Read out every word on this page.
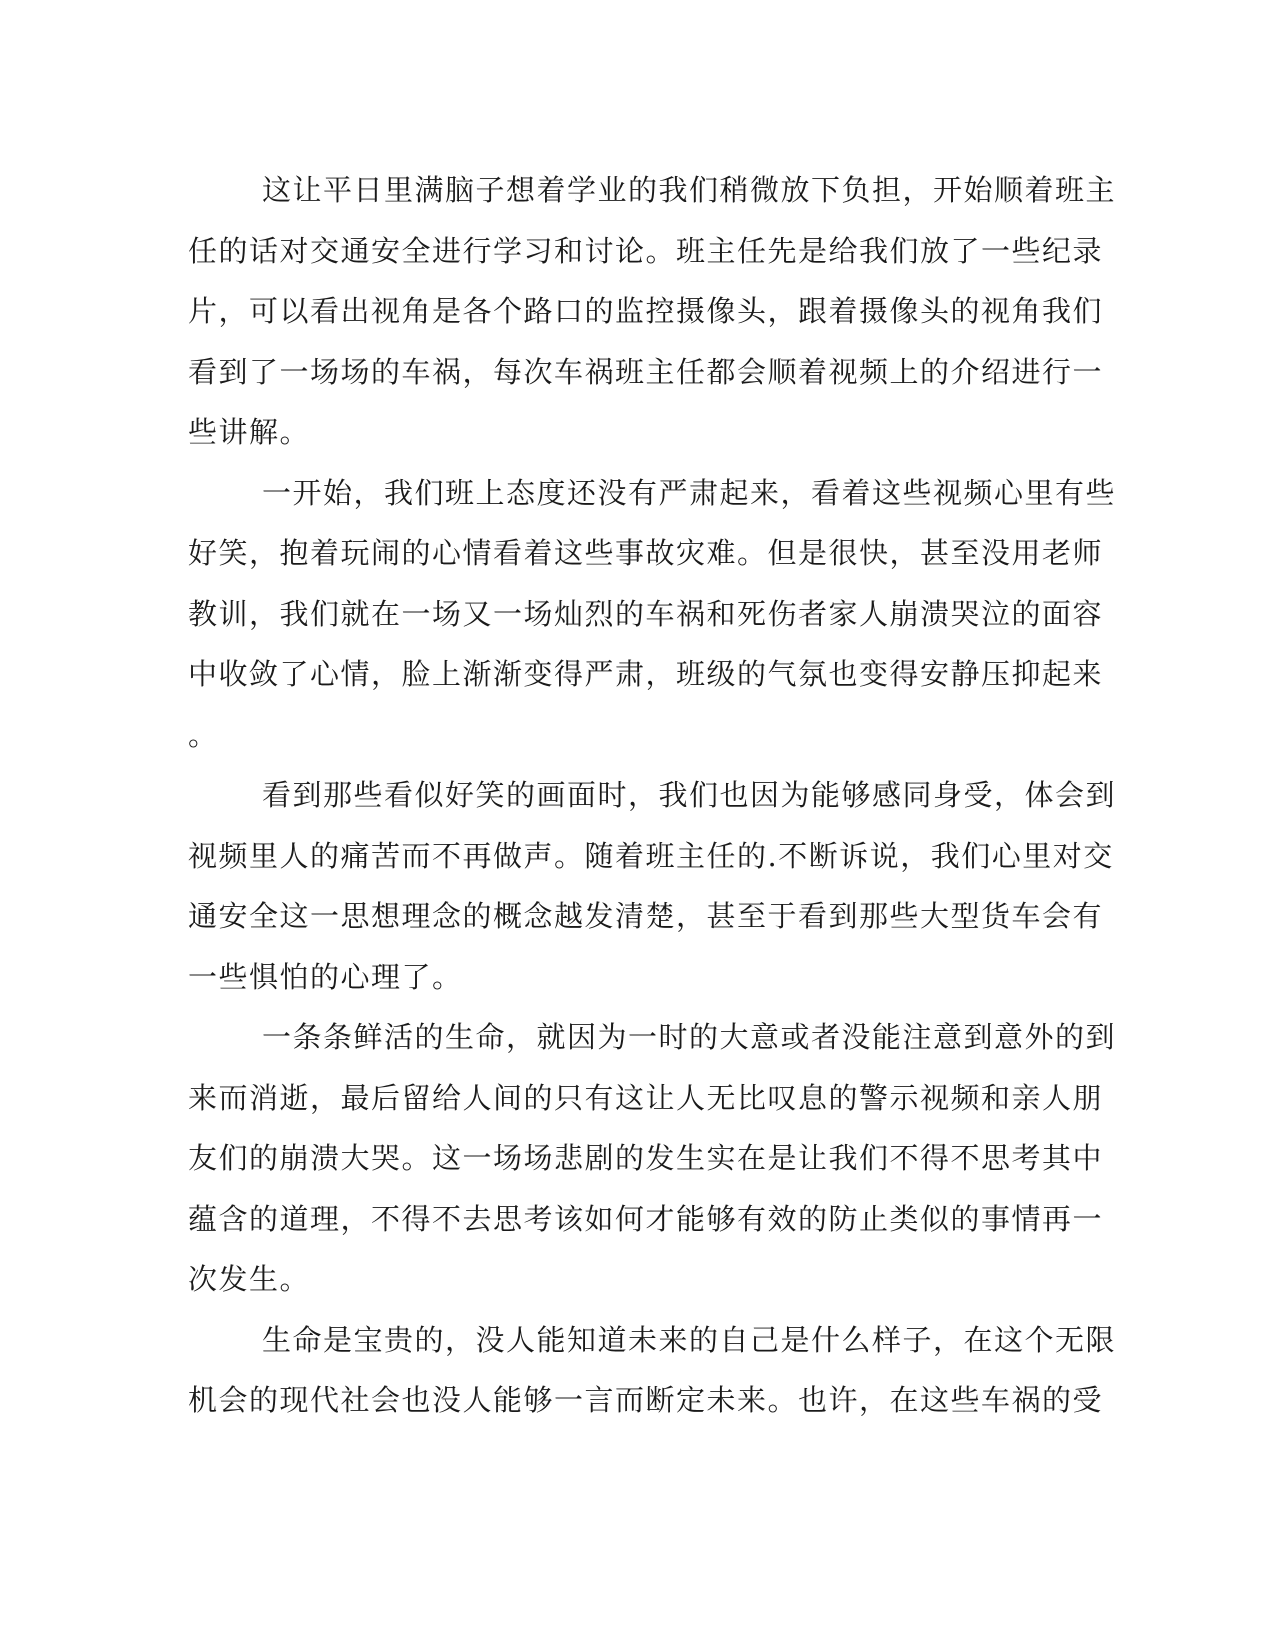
这让平日里满脑子想着学业的我们稍微放下负担，开始顺着班主
任的话对交通安全进行学习和讨论。班主任先是给我们放了一些纪录
片，可以看出视角是各个路口的监控摄像头，跟着摄像头的视角我们
看到了一场场的车祸，每次车祸班主任都会顺着视频上的介绍进行一
些讲解。

一开始，我们班上态度还没有严肃起来，看着这些视频心里有些
好笑，抱着玩闹的心情看着这些事故灾难。但是很快，甚至没用老师
教训，我们就在一场又一场灿烈的车祸和死伤者家人崩溃哭泣的面容
中收敛了心情，脸上渐渐变得严肃，班级的气氛也变得安静压抑起来
。

看到那些看似好笑的画面时，我们也因为能够感同身受，体会到
视频里人的痛苦而不再做声。随着班主任的.不断诉说，我们心里对交
通安全这一思想理念的概念越发清楚，甚至于看到那些大型货车会有
一些惧怕的心理了。

一条条鲜活的生命，就因为一时的大意或者没能注意到意外的到
来而消逝，最后留给人间的只有这让人无比叹息的警示视频和亲人朋
友们的崩溃大哭。这一场场悲剧的发生实在是让我们不得不思考其中
蕴含的道理，不得不去思考该如何才能够有效的防止类似的事情再一
次发生。

生命是宝贵的，没人能知道未来的自己是什么样子，在这个无限
机会的现代社会也没人能够一言而断定未来。也许，在这些车祸的受
